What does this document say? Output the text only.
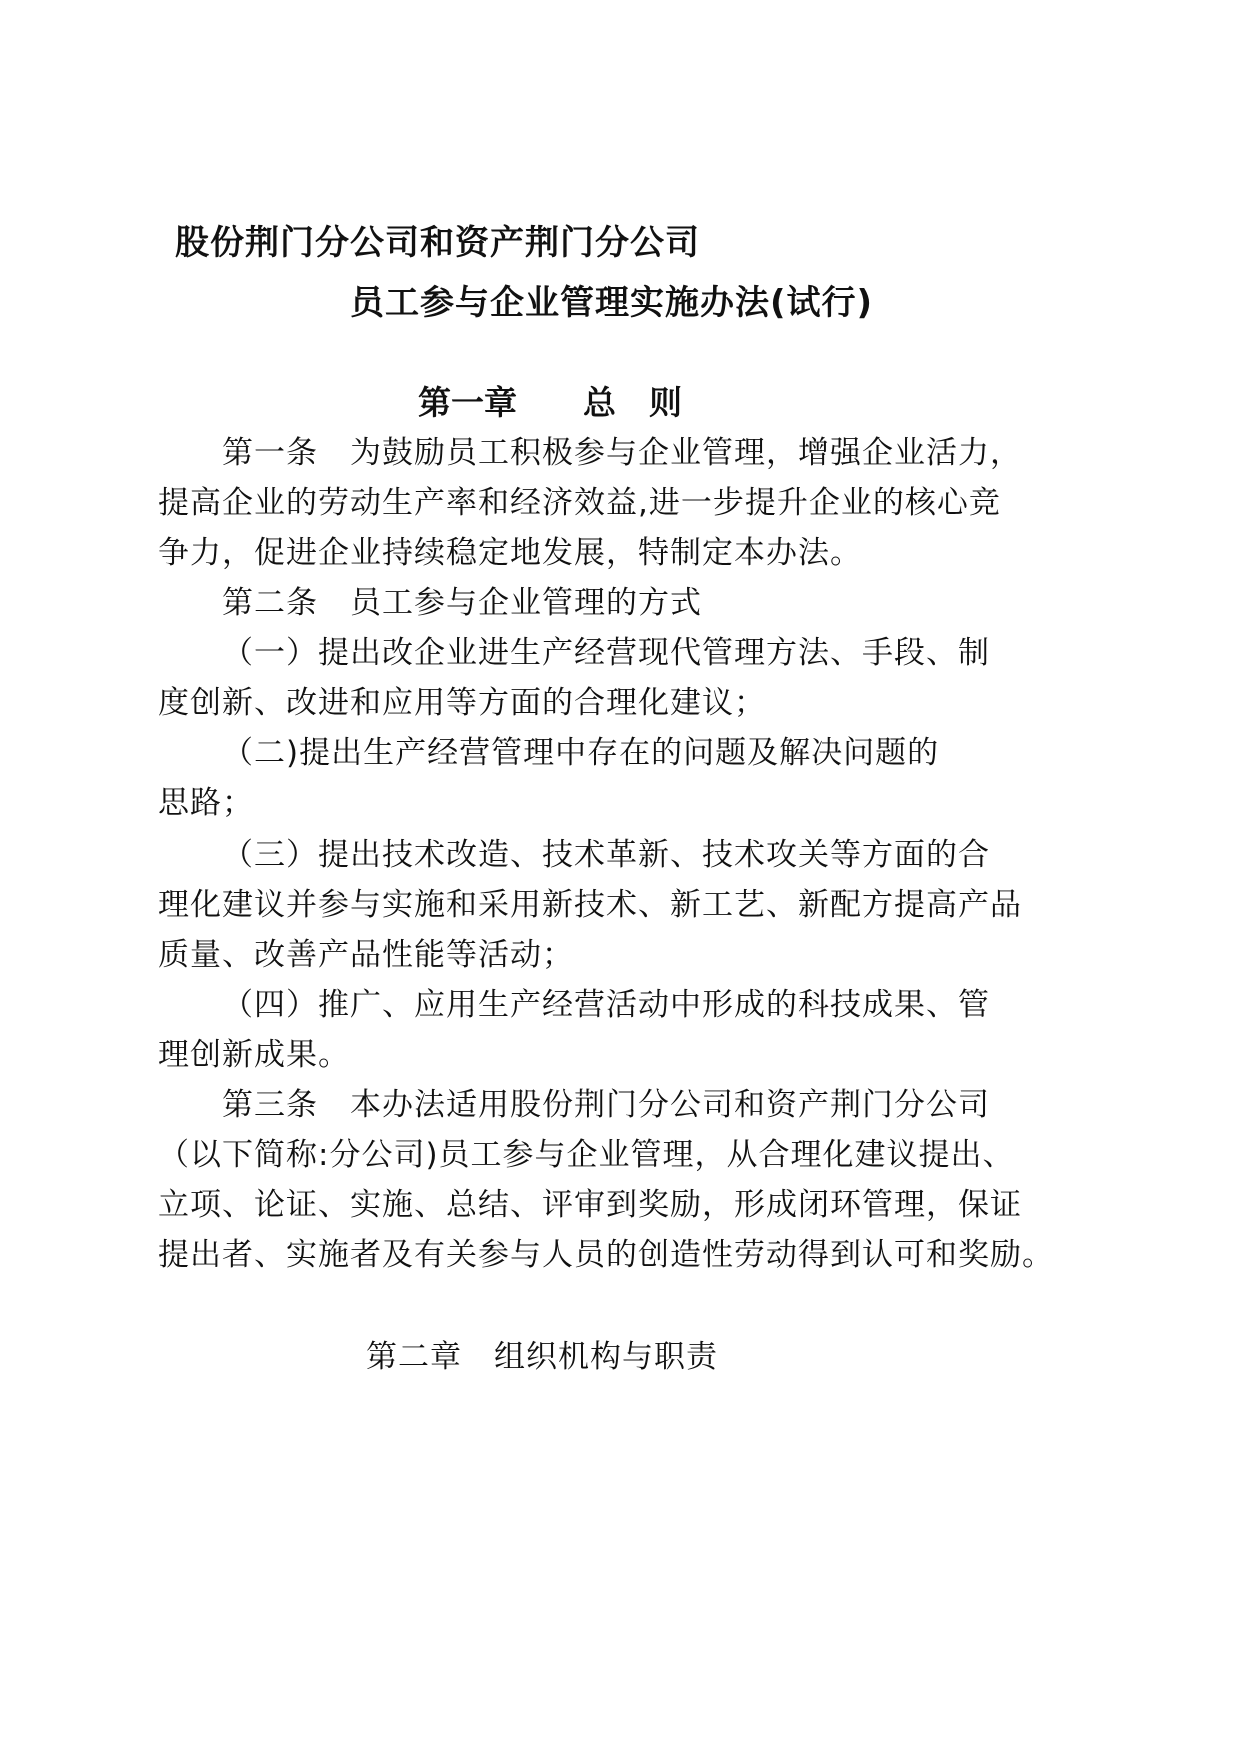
股份荆门分公司和资产荆门分公司
员工参与企业管理实施办法(试行)
第一章　　总　则
第一条　为鼓励员工积极参与企业管理，增强企业活力，
提高企业的劳动生产率和经济效益,进一步提升企业的核心竞
争力，促进企业持续稳定地发展，特制定本办法。
第二条　员工参与企业管理的方式
（一）提出改企业进生产经营现代管理方法、手段、制
度创新、改进和应用等方面的合理化建议；
（二)提出生产经营管理中存在的问题及解决问题的
思路；
（三）提出技术改造、技术革新、技术攻关等方面的合
理化建议并参与实施和采用新技术、新工艺、新配方提高产品
质量、改善产品性能等活动；
（四）推广、应用生产经营活动中形成的科技成果、管
理创新成果。
第三条　本办法适用股份荆门分公司和资产荆门分公司
（以下简称:分公司)员工参与企业管理，从合理化建议提出、
立项、论证、实施、总结、评审到奖励，形成闭环管理，保证
提出者、实施者及有关参与人员的创造性劳动得到认可和奖励。
第二章　组织机构与职责
